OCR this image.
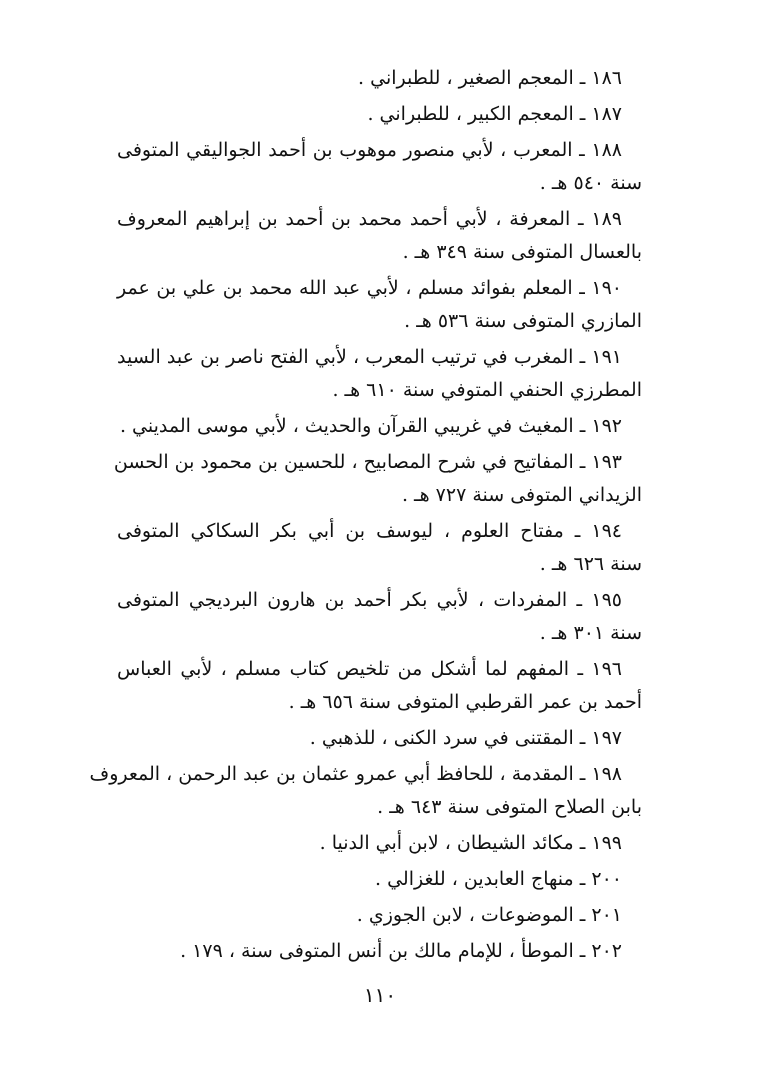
١٨٦ ـ المعجم الصغير ، للطبراني .
١٨٧ ـ المعجم الكبير ، للطبراني .
١٨٨ ـ المعرب ، لأبي منصور موهوب بن أحمد الجواليقي المتوفى
سنة ٥٤٠ هـ .
١٨٩ ـ المعرفة ، لأبي أحمد محمد بن أحمد بن إبراهيم المعروف
بالعسال المتوفى سنة ٣٤٩ هـ .
١٩٠ ـ المعلم بفوائد مسلم ، لأبي عبد الله محمد بن علي بن عمر
المازري المتوفى سنة ٥٣٦ هـ .
١٩١ ـ المغرب في ترتيب المعرب ، لأبي الفتح ناصر بن عبد السيد
المطرزي الحنفي المتوفي سنة ٦١٠ هـ .
١٩٢ ـ المغيث في غريبي القرآن والحديث ، لأبي موسى المديني .
١٩٣ ـ المفاتيح في شرح المصابيح ، للحسين بن محمود بن الحسن
الزيداني المتوفى سنة ٧٢٧ هـ .
١٩٤ ـ مفتاح العلوم ، ليوسف بن أبي بكر السكاكي المتوفى
سنة ٦٢٦ هـ .
١٩٥ ـ المفردات ، لأبي بكر أحمد بن هارون البرديجي المتوفى
سنة ٣٠١ هـ .
١٩٦ ـ المفهم لما أشكل من تلخيص كتاب مسلم ، لأبي العباس
أحمد بن عمر القرطبي المتوفى سنة ٦٥٦ هـ .
١٩٧ ـ المقتنى في سرد الكنى ، للذهبي .
١٩٨ ـ المقدمة ، للحافظ أبي عمرو عثمان بن عبد الرحمن ، المعروف
بابن الصلاح المتوفى سنة ٦٤٣ هـ .
١٩٩ ـ مكائد الشيطان ، لابن أبي الدنيا .
٢٠٠ ـ منهاج العابدين ، للغزالي .
٢٠١ ـ الموضوعات ، لابن الجوزي .
٢٠٢ ـ الموطأ ، للإمام مالك بن أنس المتوفى سنة ، ١٧٩ .
١١٠
